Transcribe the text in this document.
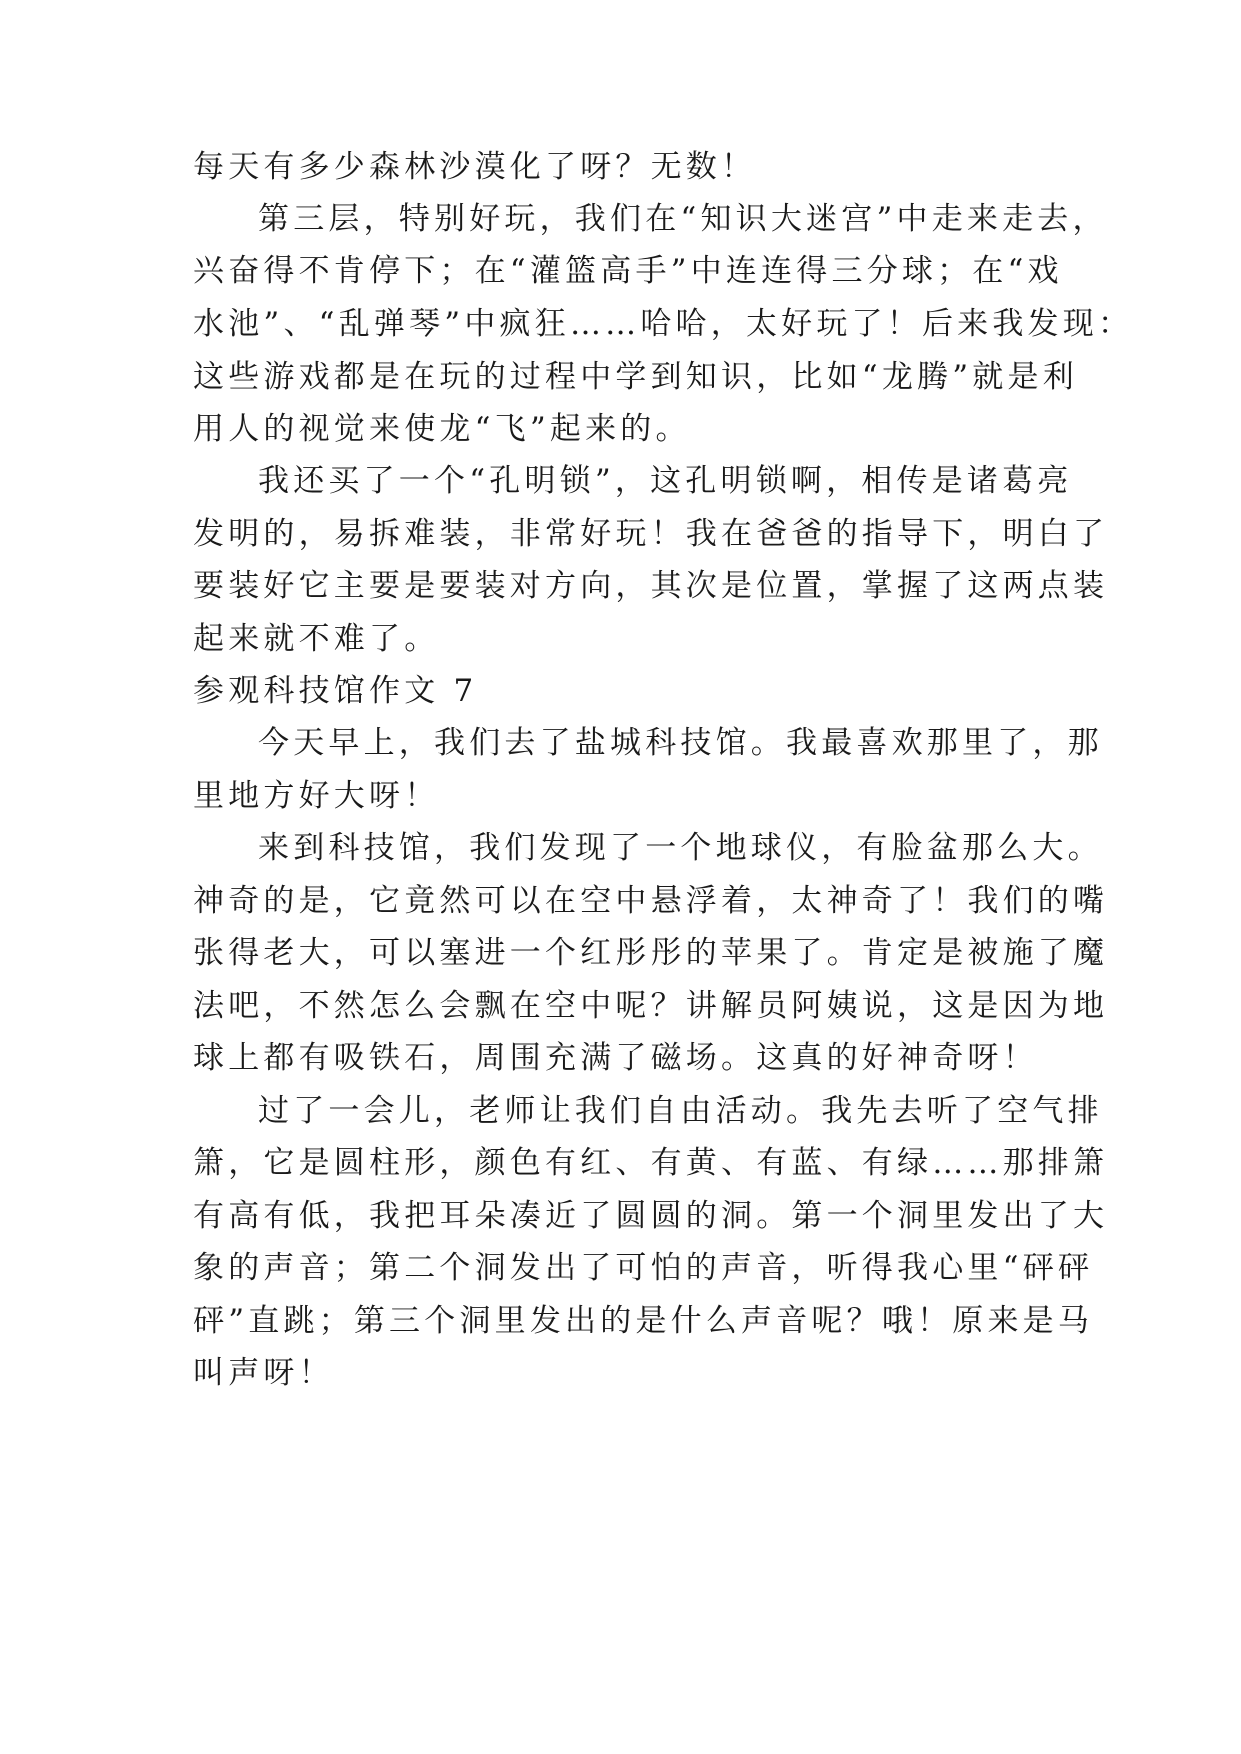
每天有多少森林沙漠化了呀？无数！
第三层，特别好玩，我们在“知识大迷宫”中走来走去，
兴奋得不肯停下；在“灌篮高手”中连连得三分球；在“戏
水池”、“乱弹琴”中疯狂……哈哈，太好玩了！后来我发现：
这些游戏都是在玩的过程中学到知识，比如“龙腾”就是利
用人的视觉来使龙“飞”起来的。
我还买了一个“孔明锁”，这孔明锁啊，相传是诸葛亮
发明的，易拆难装，非常好玩！我在爸爸的指导下，明白了
要装好它主要是要装对方向，其次是位置，掌握了这两点装
起来就不难了。
参观科技馆作文 7
今天早上，我们去了盐城科技馆。我最喜欢那里了，那
里地方好大呀！
来到科技馆，我们发现了一个地球仪，有脸盆那么大。
神奇的是，它竟然可以在空中悬浮着，太神奇了！我们的嘴
张得老大，可以塞进一个红彤彤的苹果了。肯定是被施了魔
法吧，不然怎么会飘在空中呢？讲解员阿姨说，这是因为地
球上都有吸铁石，周围充满了磁场。这真的好神奇呀！
过了一会儿，老师让我们自由活动。我先去听了空气排
箫，它是圆柱形，颜色有红、有黄、有蓝、有绿……那排箫
有高有低，我把耳朵凑近了圆圆的洞。第一个洞里发出了大
象的声音；第二个洞发出了可怕的声音，听得我心里“砰砰
砰”直跳；第三个洞里发出的是什么声音呢？哦！原来是马
叫声呀！
